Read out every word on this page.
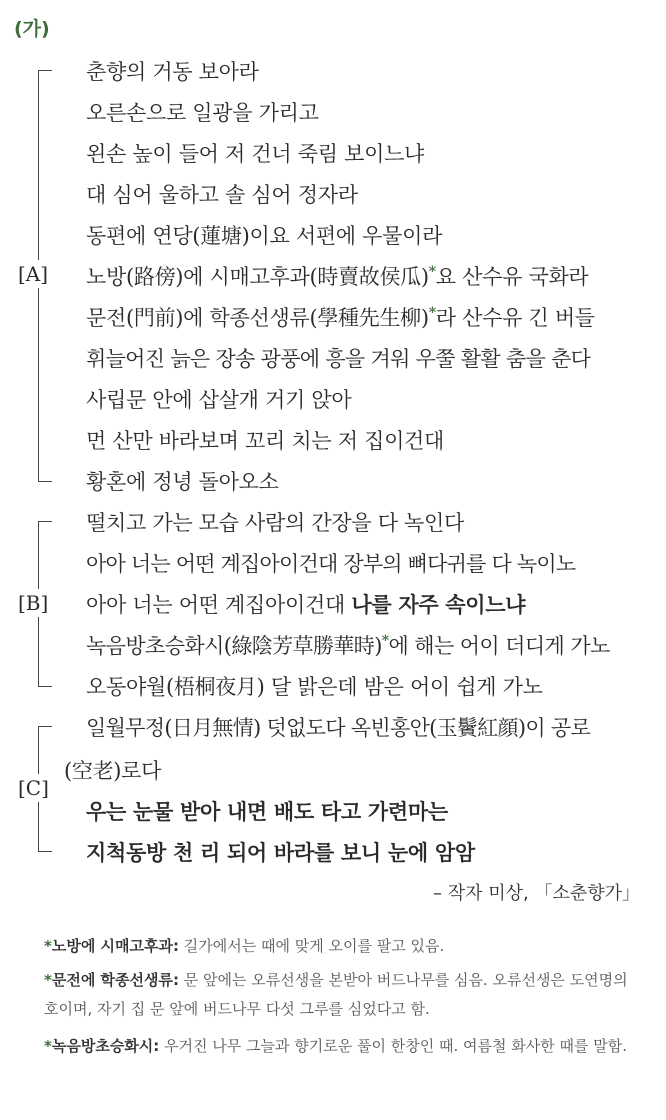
(가)
[A]
[B]
[C]
춘향의 거동 보아라
오른손으로 일광을 가리고
왼손 높이 들어 저 건너 죽림 보이느냐
대 심어 울하고 솔 심어 정자라
동편에 연당(蓮塘)이요 서편에 우물이라
노방(路傍)에 시매고후과(時賣故侯瓜)*요 산수유 국화라
문전(門前)에 학종선생류(學種先生柳)*라 산수유 긴 버들
휘늘어진 늙은 장송 광풍에 흥을 겨워 우쭐 활활 춤을 춘다
사립문 안에 삽살개 거기 앉아
먼 산만 바라보며 꼬리 치는 저 집이건대
황혼에 정녕 돌아오소
떨치고 가는 모습 사람의 간장을 다 녹인다
아아 너는 어떤 계집아이건대 장부의 뼈다귀를 다 녹이노
아아 너는 어떤 계집아이건대 나를 자주 속이느냐
녹음방초승화시(綠陰芳草勝華時)*에 해는 어이 더디게 가노
오동야월(梧桐夜月) 달 밝은데 밤은 어이 쉽게 가노
일월무정(日月無情) 덧없도다 옥빈홍안(玉鬢紅顔)이 공로
(空老)로다
우는 눈물 받아 내면 배도 타고 가련마는
지척동방 천 리 되어 바라를 보니 눈에 암암
– 작자 미상, 「소춘향가」
*노방에 시매고후과: 길가에서는 때에 맞게 오이를 팔고 있음.
*문전에 학종선생류: 문 앞에는 오류선생을 본받아 버드나무를 심음. 오류선생은 도연명의 호이며, 자기 집 문 앞에 버드나무 다섯 그루를 심었다고 함.
*녹음방초승화시: 우거진 나무 그늘과 향기로운 풀이 한창인 때. 여름철 화사한 때를 말함.
